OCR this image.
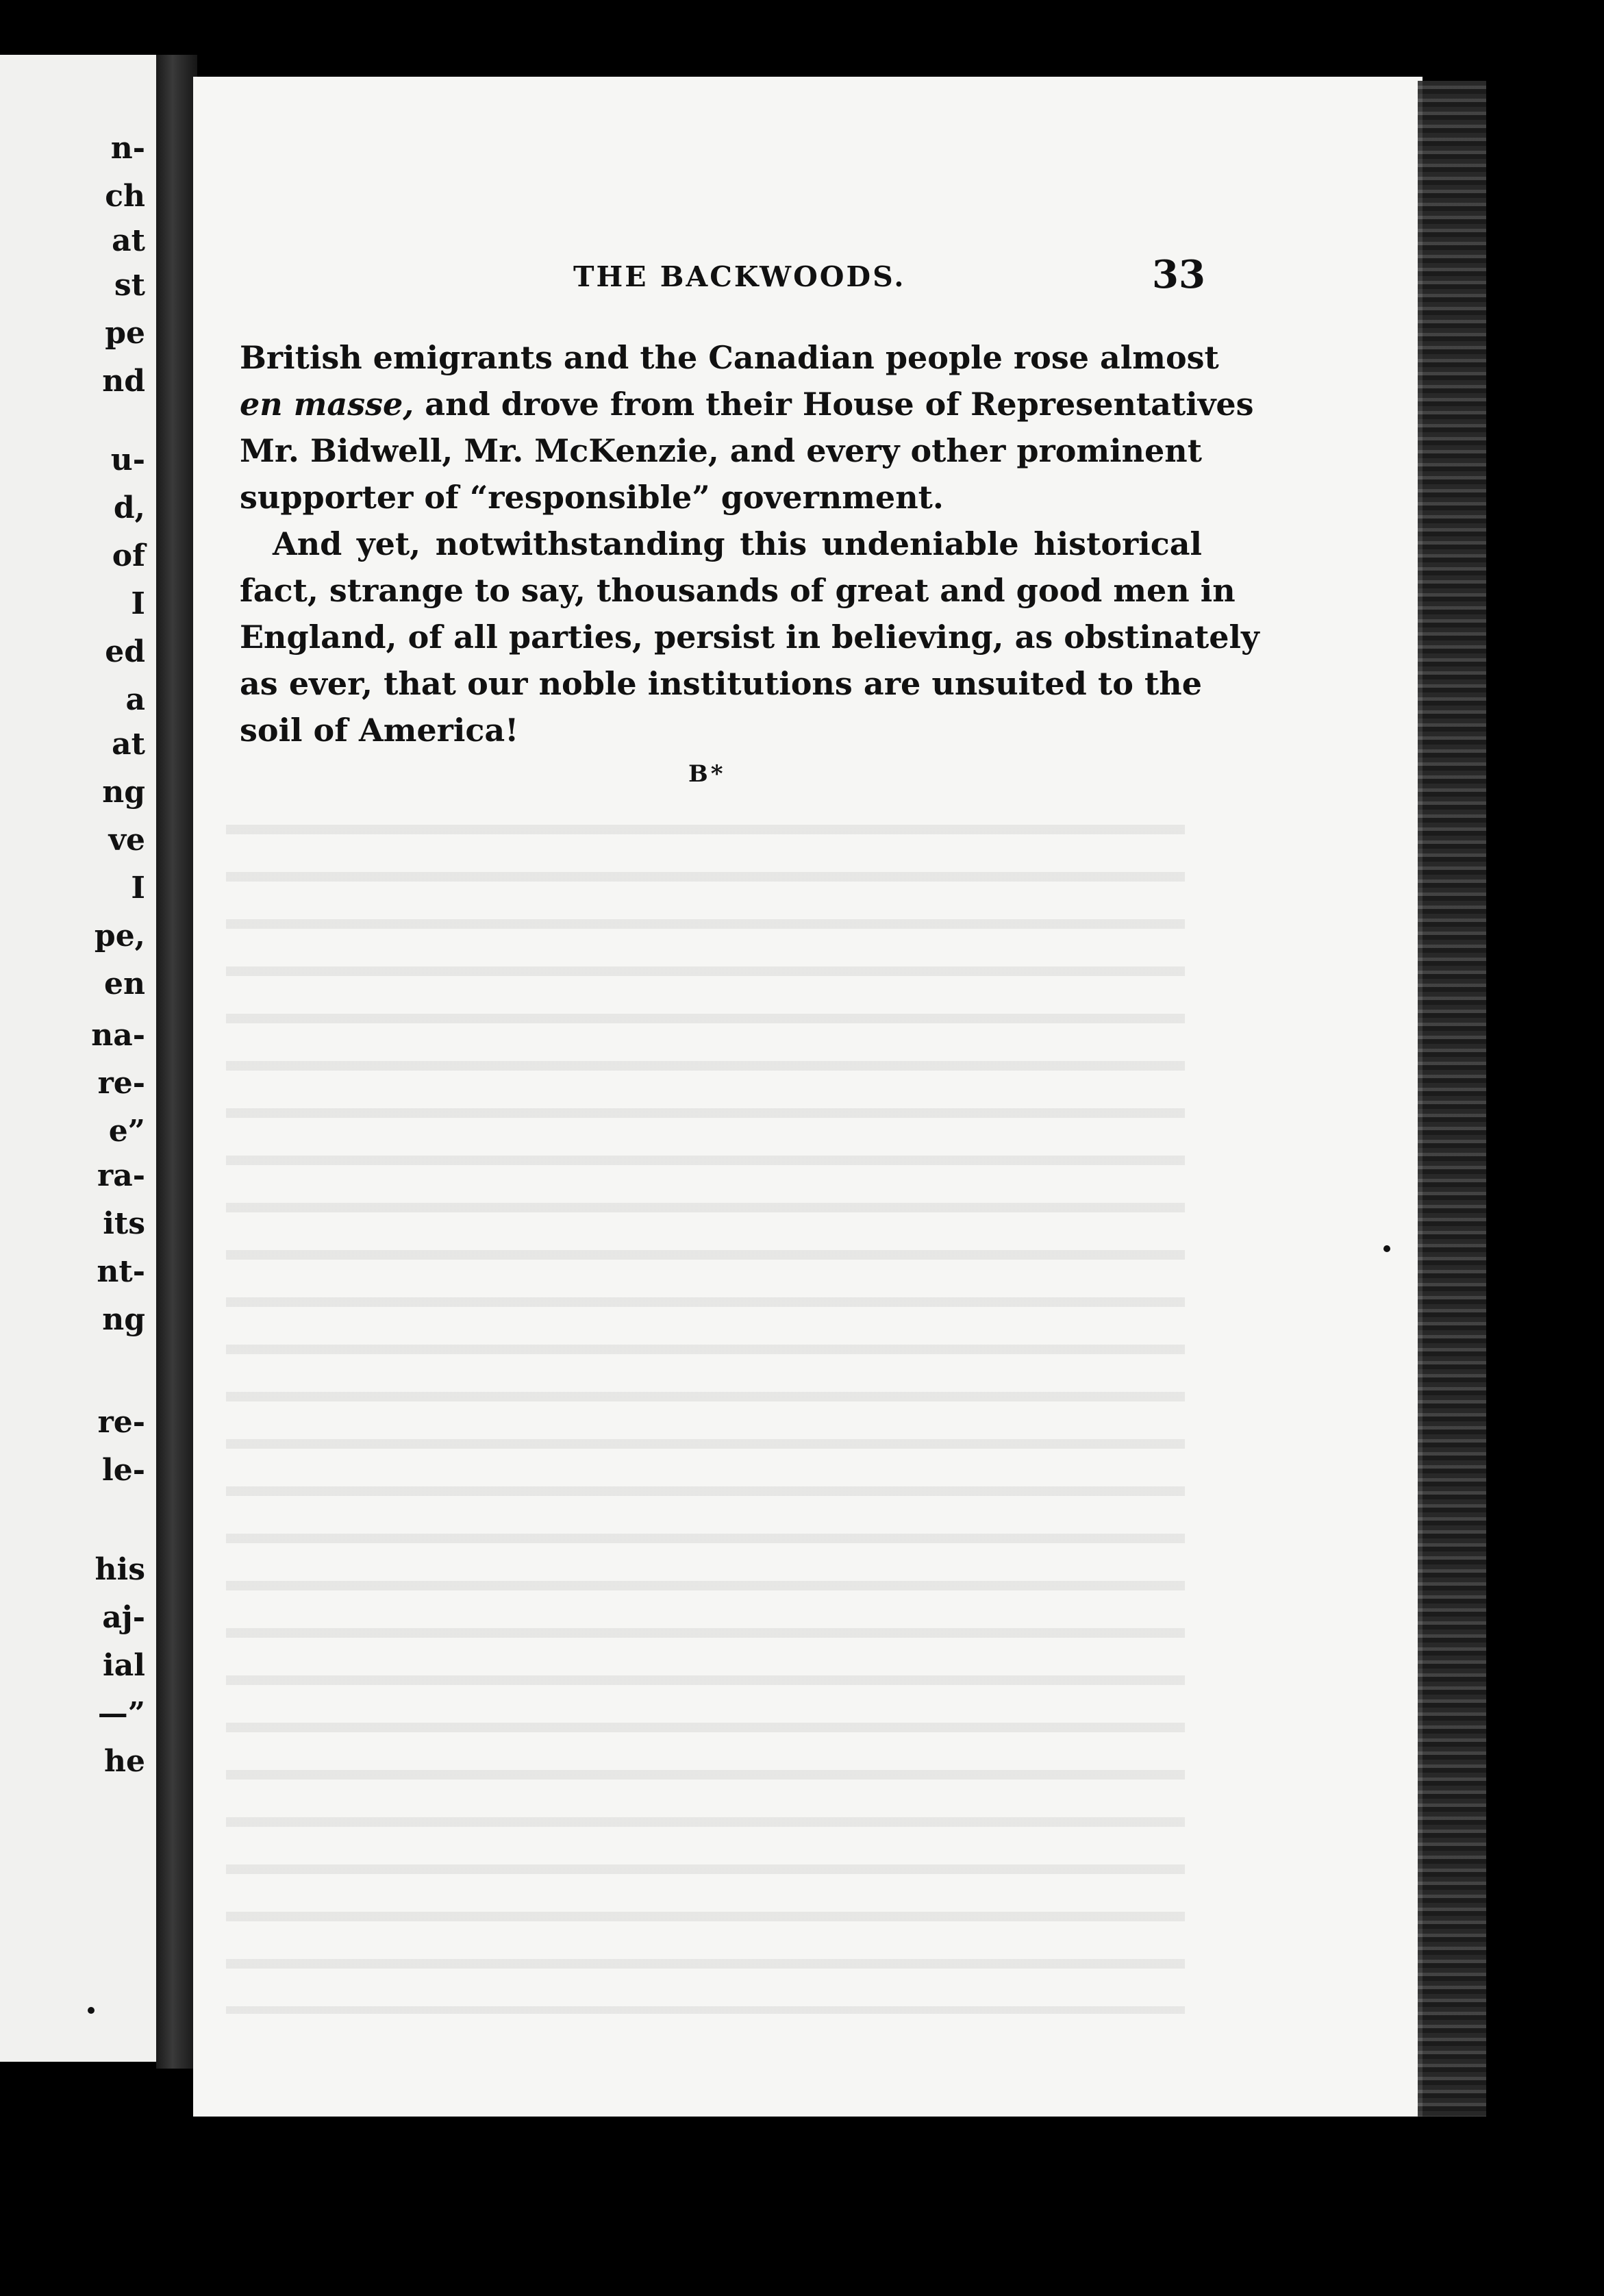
n-
ch
at
st
pe
nd
u-
d,
of
I
ed
a
at
ng
ve
I
pe,
en
na-
re-
e”
ra-
its
nt-
ng
re-
le-
his
aj-
ial
—”
he
THE BACKWOODS.	33

British emigrants and the Canadian people rose almost
en masse, and drove from their House of Representatives
Mr. Bidwell, Mr. McKenzie, and every other prominent
supporter of “responsible” government.

And yet, notwithstanding this undeniable historical
fact, strange to say, thousands of great and good men in
England, of all parties, persist in believing, as obstinately
as ever, that our noble institutions are unsuited to the
soil of America!

B*
